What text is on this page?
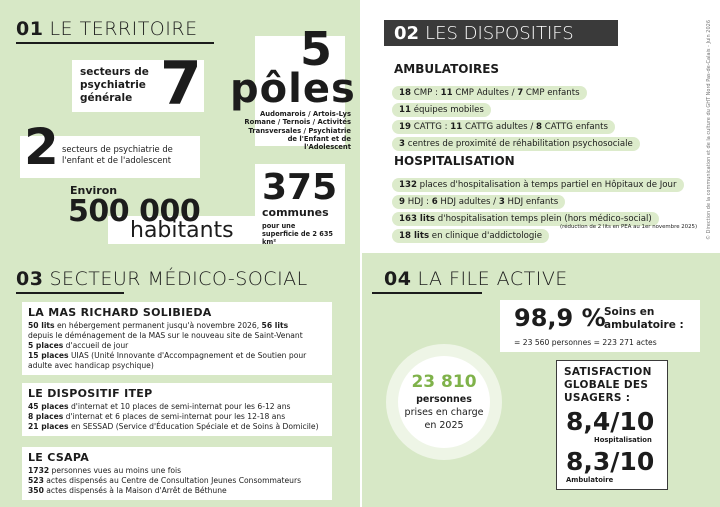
01 LE TERRITOIRE
secteurs de psychiatrie générale 7 5
pôles
Audomarois / Artois-Lys Romane / Ternois / Activités Transversales / Psychiatrie de l'Enfant et de l'Adolescent
2 secteurs de psychiatrie de l'enfant et de l'adolescent
Environ
500 000
habitants
375
communes
pour une superficie de 2 635 km²
02 LES DISPOSITIFS
AMBULATOIRES
18 CMP : 11 CMP Adultes / 7 CMP enfants
11 équipes mobiles
19 CATTG : 11 CATTG adultes / 8 CATTG enfants
3 centres de proximité de réhabilitation psychosociale
HOSPITALISATION
132 places d'hospitalisation à temps partiel en Hôpitaux de Jour
9 HDJ : 6 HDJ adultes / 3 HDJ enfants
163 lits d'hospitalisation temps plein (hors médico-social)
18 lits en clinique d'addictologie
(réduction de 2 lits en PEA au 1er novembre 2025) © Direction de la communication et de la culture du GHT Nord Pas-de-Calais - Juin 2026
03 SECTEUR MÉDICO-SOCIAL
LA MAS RICHARD SOLIBIEDA

50 lits en hébergement permanent jusqu'à novembre 2026, 56 lits

depuis le déménagement de la MAS sur le nouveau site de Saint-Venant

5 places d'accueil de jour

15 places UIAS (Unité Innovante d'Accompagnement et de Soutien pour

adulte avec handicap psychique)

LE DISPOSITIF ITEP

45 places d'internat et 10 places de semi-internat pour les 6-12 ans

8 places d'internat et 6 places de semi-internat pour les 12-18 ans

21 places en SESSAD (Service d'Éducation Spéciale et de Soins à Domicile)

LE CSAPA

1732 personnes vues au moins une fois

523 actes dispensés au Centre de Consultation Jeunes Consommateurs

350 actes dispensés à la Maison d'Arrêt de Béthune

04 LA FILE ACTIVE
98,9 %
Soins en ambulatoire :
= 23 560 personnes = 223 271 actes
23 810
personnes
prises en charge
en 2025
SATISFACTION GLOBALE DES USAGERS :
8,4/10
Hospitalisation
8,3/10
Ambulatoire
